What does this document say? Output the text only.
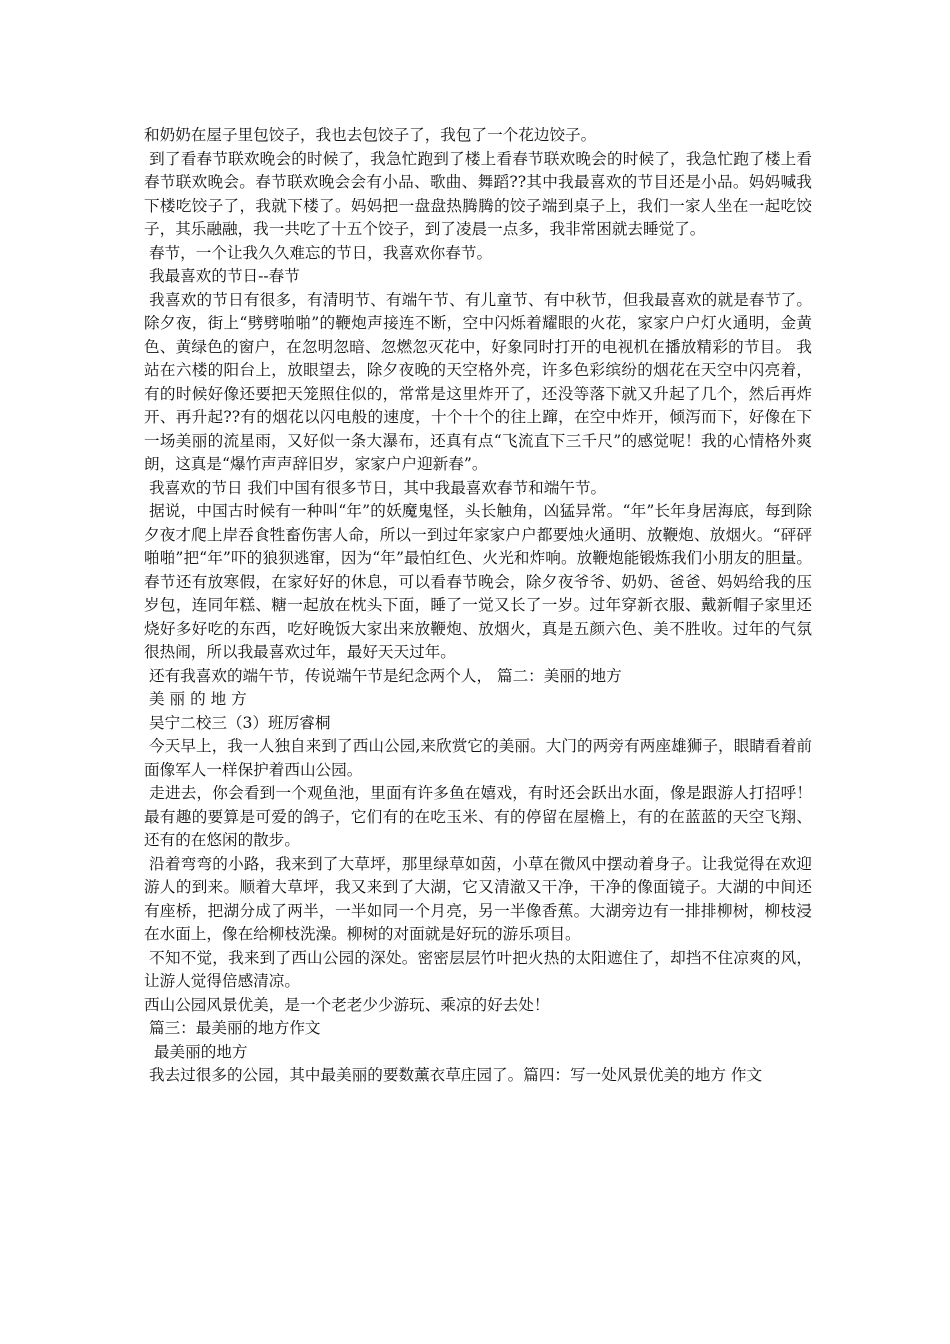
和奶奶在屋子里包饺子，我也去包饺子了，我包了一个花边饺子。

到了看春节联欢晚会的时候了，我急忙跑到了楼上看春节联欢晚会的时候了，我急忙跑了楼上看春节联欢晚会。春节联欢晚会会有小品、歌曲、舞蹈??其中我最喜欢的节目还是小品。妈妈喊我下楼吃饺子了，我就下楼了。妈妈把一盘盘热腾腾的饺子端到桌子上，我们一家人坐在一起吃饺子，其乐融融，我一共吃了十五个饺子，到了凌晨一点多，我非常困就去睡觉了。

春节，一个让我久久难忘的节日，我喜欢你春节。

我最喜欢的节日--春节

我喜欢的节日有很多，有清明节、有端午节、有儿童节、有中秋节，但我最喜欢的就是春节了。 除夕夜，街上“劈劈啪啪”的鞭炮声接连不断，空中闪烁着耀眼的火花，家家户户灯火通明，金黄色、黄绿色的窗户，在忽明忽暗、忽燃忽灭花中，好象同时打开的电视机在播放精彩的节目。 我站在六楼的阳台上，放眼望去，除夕夜晚的天空格外亮，许多色彩缤纷的烟花在天空中闪亮着，有的时候好像还要把天笼照住似的，常常是这里炸开了，还没等落下就又升起了几个，然后再炸开、再升起??有的烟花以闪电般的速度，十个十个的往上蹿，在空中炸开，倾泻而下，好像在下一场美丽的流星雨，又好似一条大瀑布，还真有点“飞流直下三千尺”的感觉呢！我的心情格外爽朗，这真是“爆竹声声辞旧岁，家家户户迎新春”。

我喜欢的节日 我们中国有很多节日，其中我最喜欢春节和端午节。

据说，中国古时候有一种叫“年”的妖魔鬼怪，头长触角，凶猛异常。“年”长年身居海底，每到除夕夜才爬上岸吞食牲畜伤害人命，所以一到过年家家户户都要烛火通明、放鞭炮、放烟火。“砰砰啪啪”把“年”吓的狼狈逃窜，因为“年”最怕红色、火光和炸响。放鞭炮能锻炼我们小朋友的胆量。春节还有放寒假，在家好好的休息，可以看春节晚会，除夕夜爷爷、奶奶、爸爸、妈妈给我的压岁包，连同年糕、糖一起放在枕头下面，睡了一觉又长了一岁。过年穿新衣服、戴新帽子家里还烧好多好吃的东西，吃好晚饭大家出来放鞭炮、放烟火，真是五颜六色、美不胜收。过年的气氛很热闹，所以我最喜欢过年，最好天天过年。

还有我喜欢的端午节，传说端午节是纪念两个人， 篇二：美丽的地方

美 丽 的 地 方

吴宁二校三（3）班厉睿桐

今天早上，我一人独自来到了西山公园,来欣赏它的美丽。大门的两旁有两座雄狮子，眼睛看着前面像军人一样保护着西山公园。

走进去，你会看到一个观鱼池，里面有许多鱼在嬉戏，有时还会跃出水面，像是跟游人打招呼！最有趣的要算是可爱的鸽子，它们有的在吃玉米、有的停留在屋檐上，有的在蓝蓝的天空飞翔、还有的在悠闲的散步。

沿着弯弯的小路，我来到了大草坪，那里绿草如茵，小草在微风中摆动着身子。让我觉得在欢迎游人的到来。顺着大草坪，我又来到了大湖，它又清澈又干净，干净的像面镜子。大湖的中间还有座桥，把湖分成了两半，一半如同一个月亮，另一半像香蕉。大湖旁边有一排排柳树，柳枝浸在水面上，像在给柳枝洗澡。柳树的对面就是好玩的游乐项目。

不知不觉，我来到了西山公园的深处。密密层层竹叶把火热的太阳遮住了，却挡不住凉爽的风，让游人觉得倍感清凉。

西山公园风景优美，是一个老老少少游玩、乘凉的好去处！

篇三：最美丽的地方作文

最美丽的地方

我去过很多的公园，其中最美丽的要数薰衣草庄园了。篇四：写一处风景优美的地方 作文
